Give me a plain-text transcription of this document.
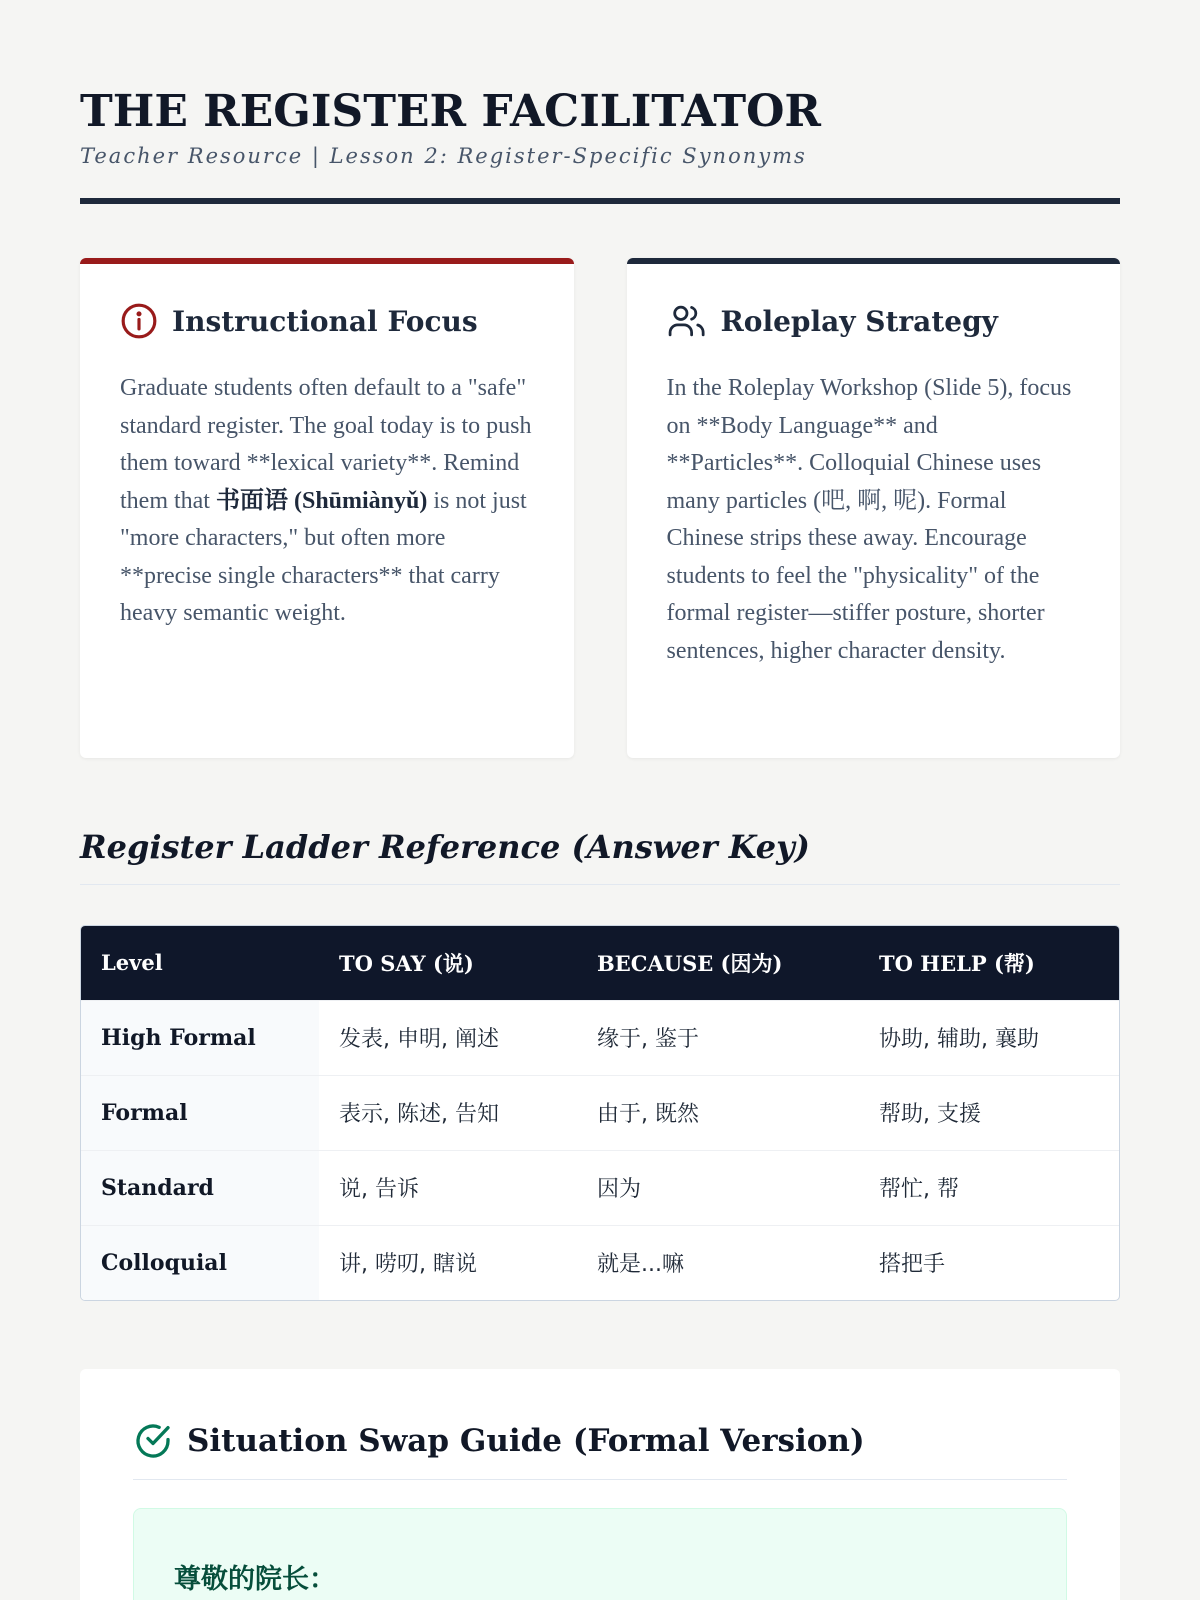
THE REGISTER FACILITATOR
Teacher Resource | Lesson 2: Register-Specific Synonyms
Instructional Focus

Graduate students often default to a "safe" standard register. The goal today is to push them toward **lexical variety**. Remind them that 书面语 (Shūmiànyǔ) is not just "more characters," but often more **precise single characters** that carry heavy semantic weight.

Roleplay Strategy

In the Roleplay Workshop (Slide 5), focus on **Body Language** and **Particles**. Colloquial Chinese uses many particles (吧, 啊, 呢). Formal Chinese strips these away. Encourage students to feel the "physicality" of the formal register—stiffer posture, shorter sentences, higher character density.

Register Ladder Reference (Answer Key)
Level	TO SAY (说)	BECAUSE (因为)	TO HELP (帮)
High Formal	发表, 申明, 阐述	缘于, 鉴于	协助, 辅助, 襄助
Formal	表示, 陈述, 告知	由于, 既然	帮助, 支援
Standard	说, 告诉	因为	帮忙, 帮
Colloquial	讲, 唠叨, 瞎说	就是...嘛	搭把手
Situation Swap Guide (Formal Version)
尊敬的院长：
